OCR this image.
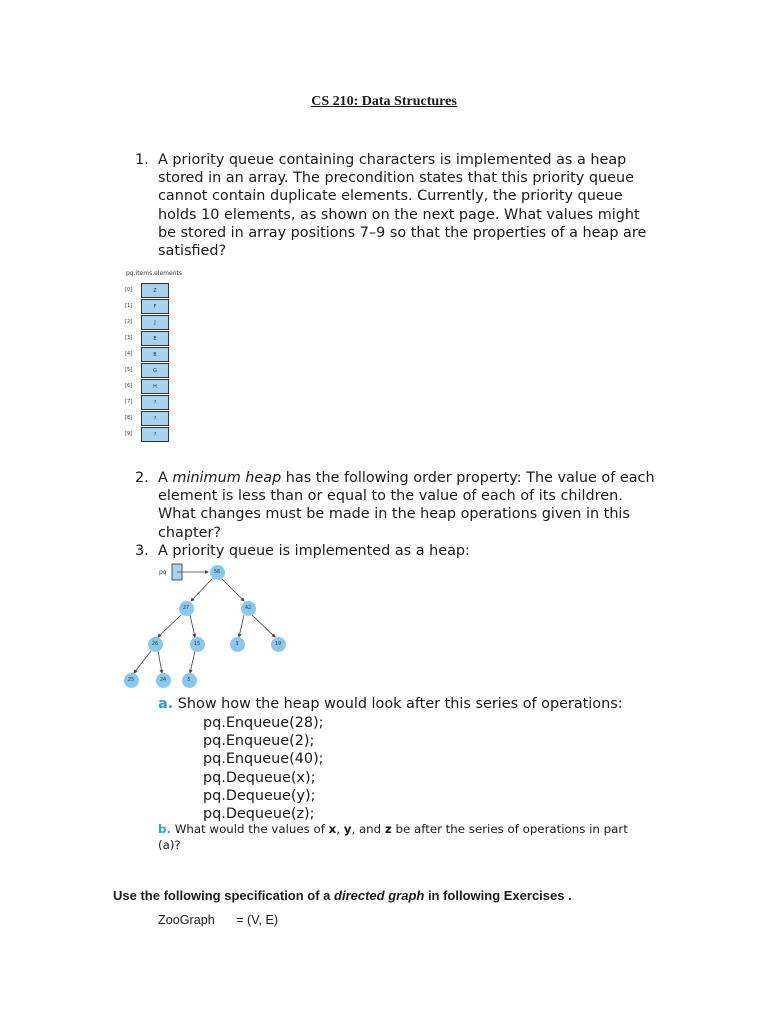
CS 210: Data Structures
1. A priority queue containing characters is implemented as a heap stored in an array. The precondition states that this priority queue cannot contain duplicate elements. Currently, the priority queue holds 10 elements, as shown on the next page. What values might be stored in array positions 7–9 so that the properties of a heap are satisfied?
pq.items.elements
[0]	Z
[1]	F
[2]	J
[3]	E
[4]	B
[5]	G
[6]	H
[7]	?
[8]	?
[9]	?
2. A minimum heap has the following order property: The value of each element is less than or equal to the value of each of its children. What changes must be made in the heap operations given in this chapter?
3. A priority queue is implemented as a heap:
pq	56
27	42
26	15	3	19
25	24	5
a. Show how the heap would look after this series of operations:
pq.Enqueue(28);
pq.Enqueue(2);
pq.Enqueue(40);
pq.Dequeue(x);
pq.Dequeue(y);
pq.Dequeue(z);
b. What would the values of x, y, and z be after the series of operations in part (a)?
Use the following specification of a directed graph in following Exercises .
ZooGraph = (V, E)
